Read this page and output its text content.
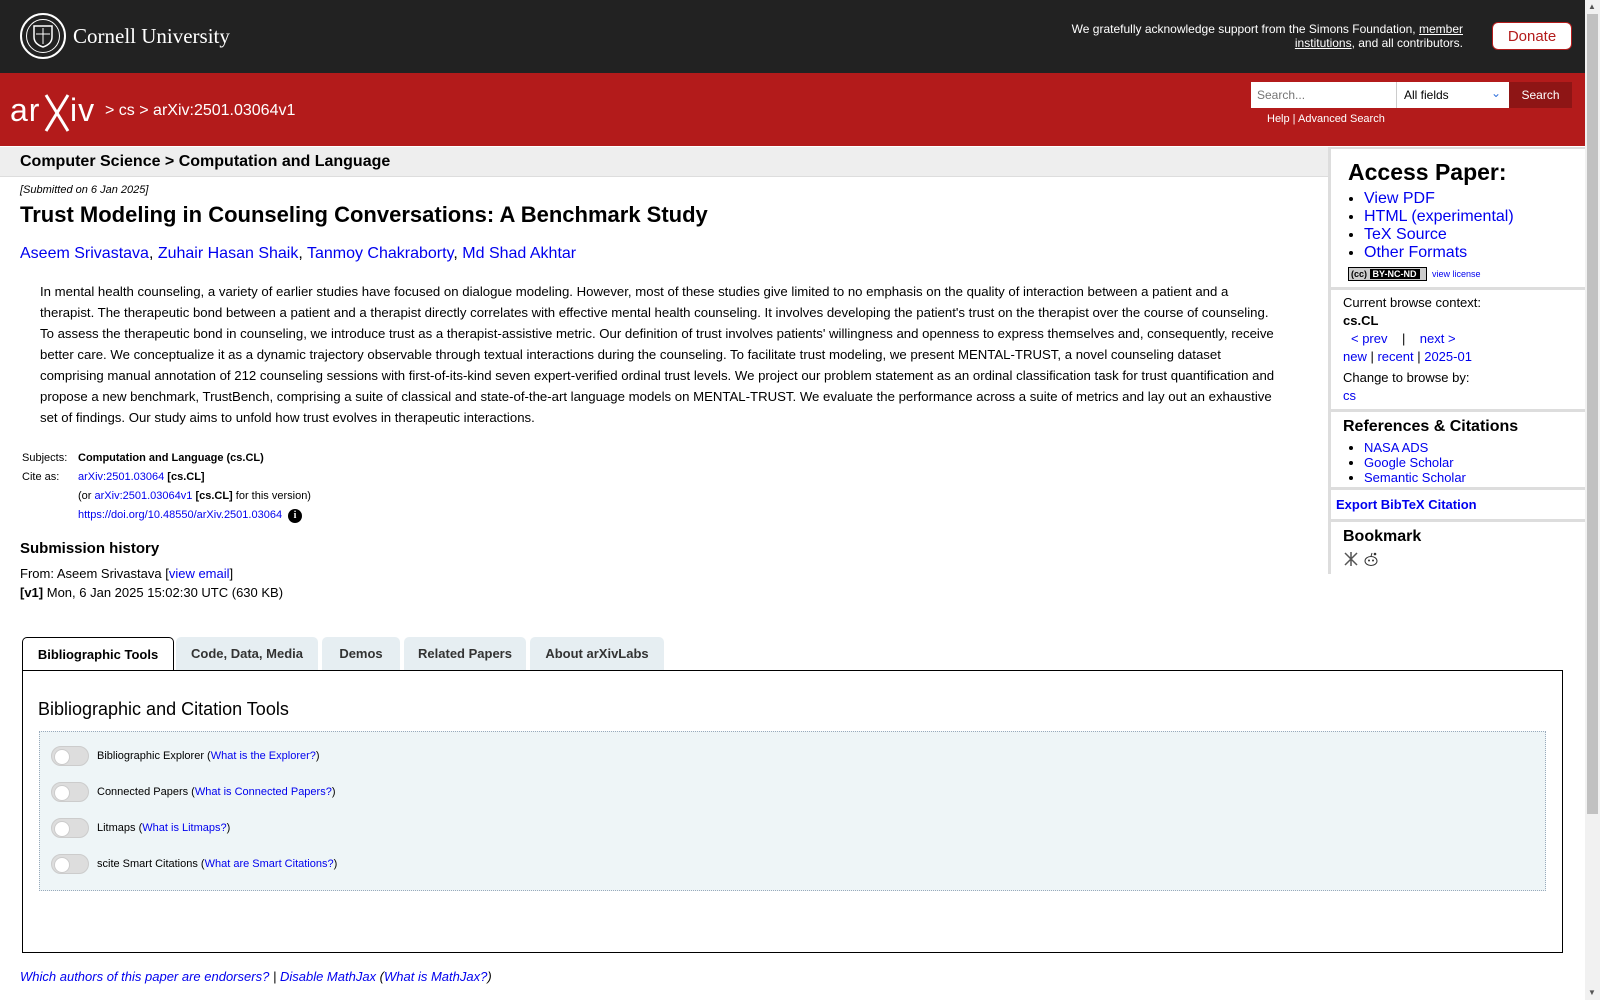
Cornell University	We gratefully acknowledge support from the Simons Foundation, member institutions, and all contributors.	Donate
ar iv > cs > arXiv:2501.03064v1
Search...
All fields	⌄	Search
Help | Advanced Search
Computer Science > Computation and Language
[Submitted on 6 Jan 2025]
Trust Modeling in Counseling Conversations: A Benchmark Study
Aseem Srivastava, Zuhair Hasan Shaik, Tanmoy Chakraborty, Md Shad Akhtar
In mental health counseling, a variety of earlier studies have focused on dialogue modeling. However, most of these studies give limited to no emphasis on the quality of interaction between a patient and a therapist. The therapeutic bond between a patient and a therapist directly correlates with effective mental health counseling. It involves developing the patient's trust on the therapist over the course of counseling. To assess the therapeutic bond in counseling, we introduce trust as a therapist-assistive metric. Our definition of trust involves patients' willingness and openness to express themselves and, consequently, receive better care. We conceptualize it as a dynamic trajectory observable through textual interactions during the counseling. To facilitate trust modeling, we present MENTAL-TRUST, a novel counseling dataset comprising manual annotation of 212 counseling sessions with first-of-its-kind seven expert-verified ordinal trust levels. We project our problem statement as an ordinal classification task for trust quantification and propose a new benchmark, TrustBench, comprising a suite of classical and state-of-the-art language models on MENTAL-TRUST. We evaluate the performance across a suite of metrics and lay out an exhaustive set of findings. Our study aims to unfold how trust evolves in therapeutic interactions.
Subjects: Computation and Language (cs.CL)
Cite as:	arXiv:2501.03064 [cs.CL]
(or arXiv:2501.03064v1 [cs.CL] for this version)
https://doi.org/10.48550/arXiv.2501.03064 i
Submission history
From: Aseem Srivastava [view email]
[v1] Mon, 6 Jan 2025 15:02:30 UTC (630 KB)
Access Paper:
• View PDF
• HTML (experimental)
• TeX Source
• Other Formats
(cc) BY-NC-ND	view license
Current browse context:
cs.CL
< prev | next >
new | recent | 2025-01
Change to browse by:
cs
References & Citations
• NASA ADS
• Google Scholar
• Semantic Scholar
Export BibTeX Citation
Bookmark
Bibliographic Tools	Code, Data, Media	Demos	Related Papers	About arXivLabs
Bibliographic and Citation Tools
Bibliographic Explorer ( What is the Explorer? )
Connected Papers ( What is Connected Papers? )
Litmaps ( What is Litmaps? )
scite Smart Citations ( What are Smart Citations? )
Which authors of this paper are endorsers? | Disable MathJax (What is MathJax?)
▲
▼
